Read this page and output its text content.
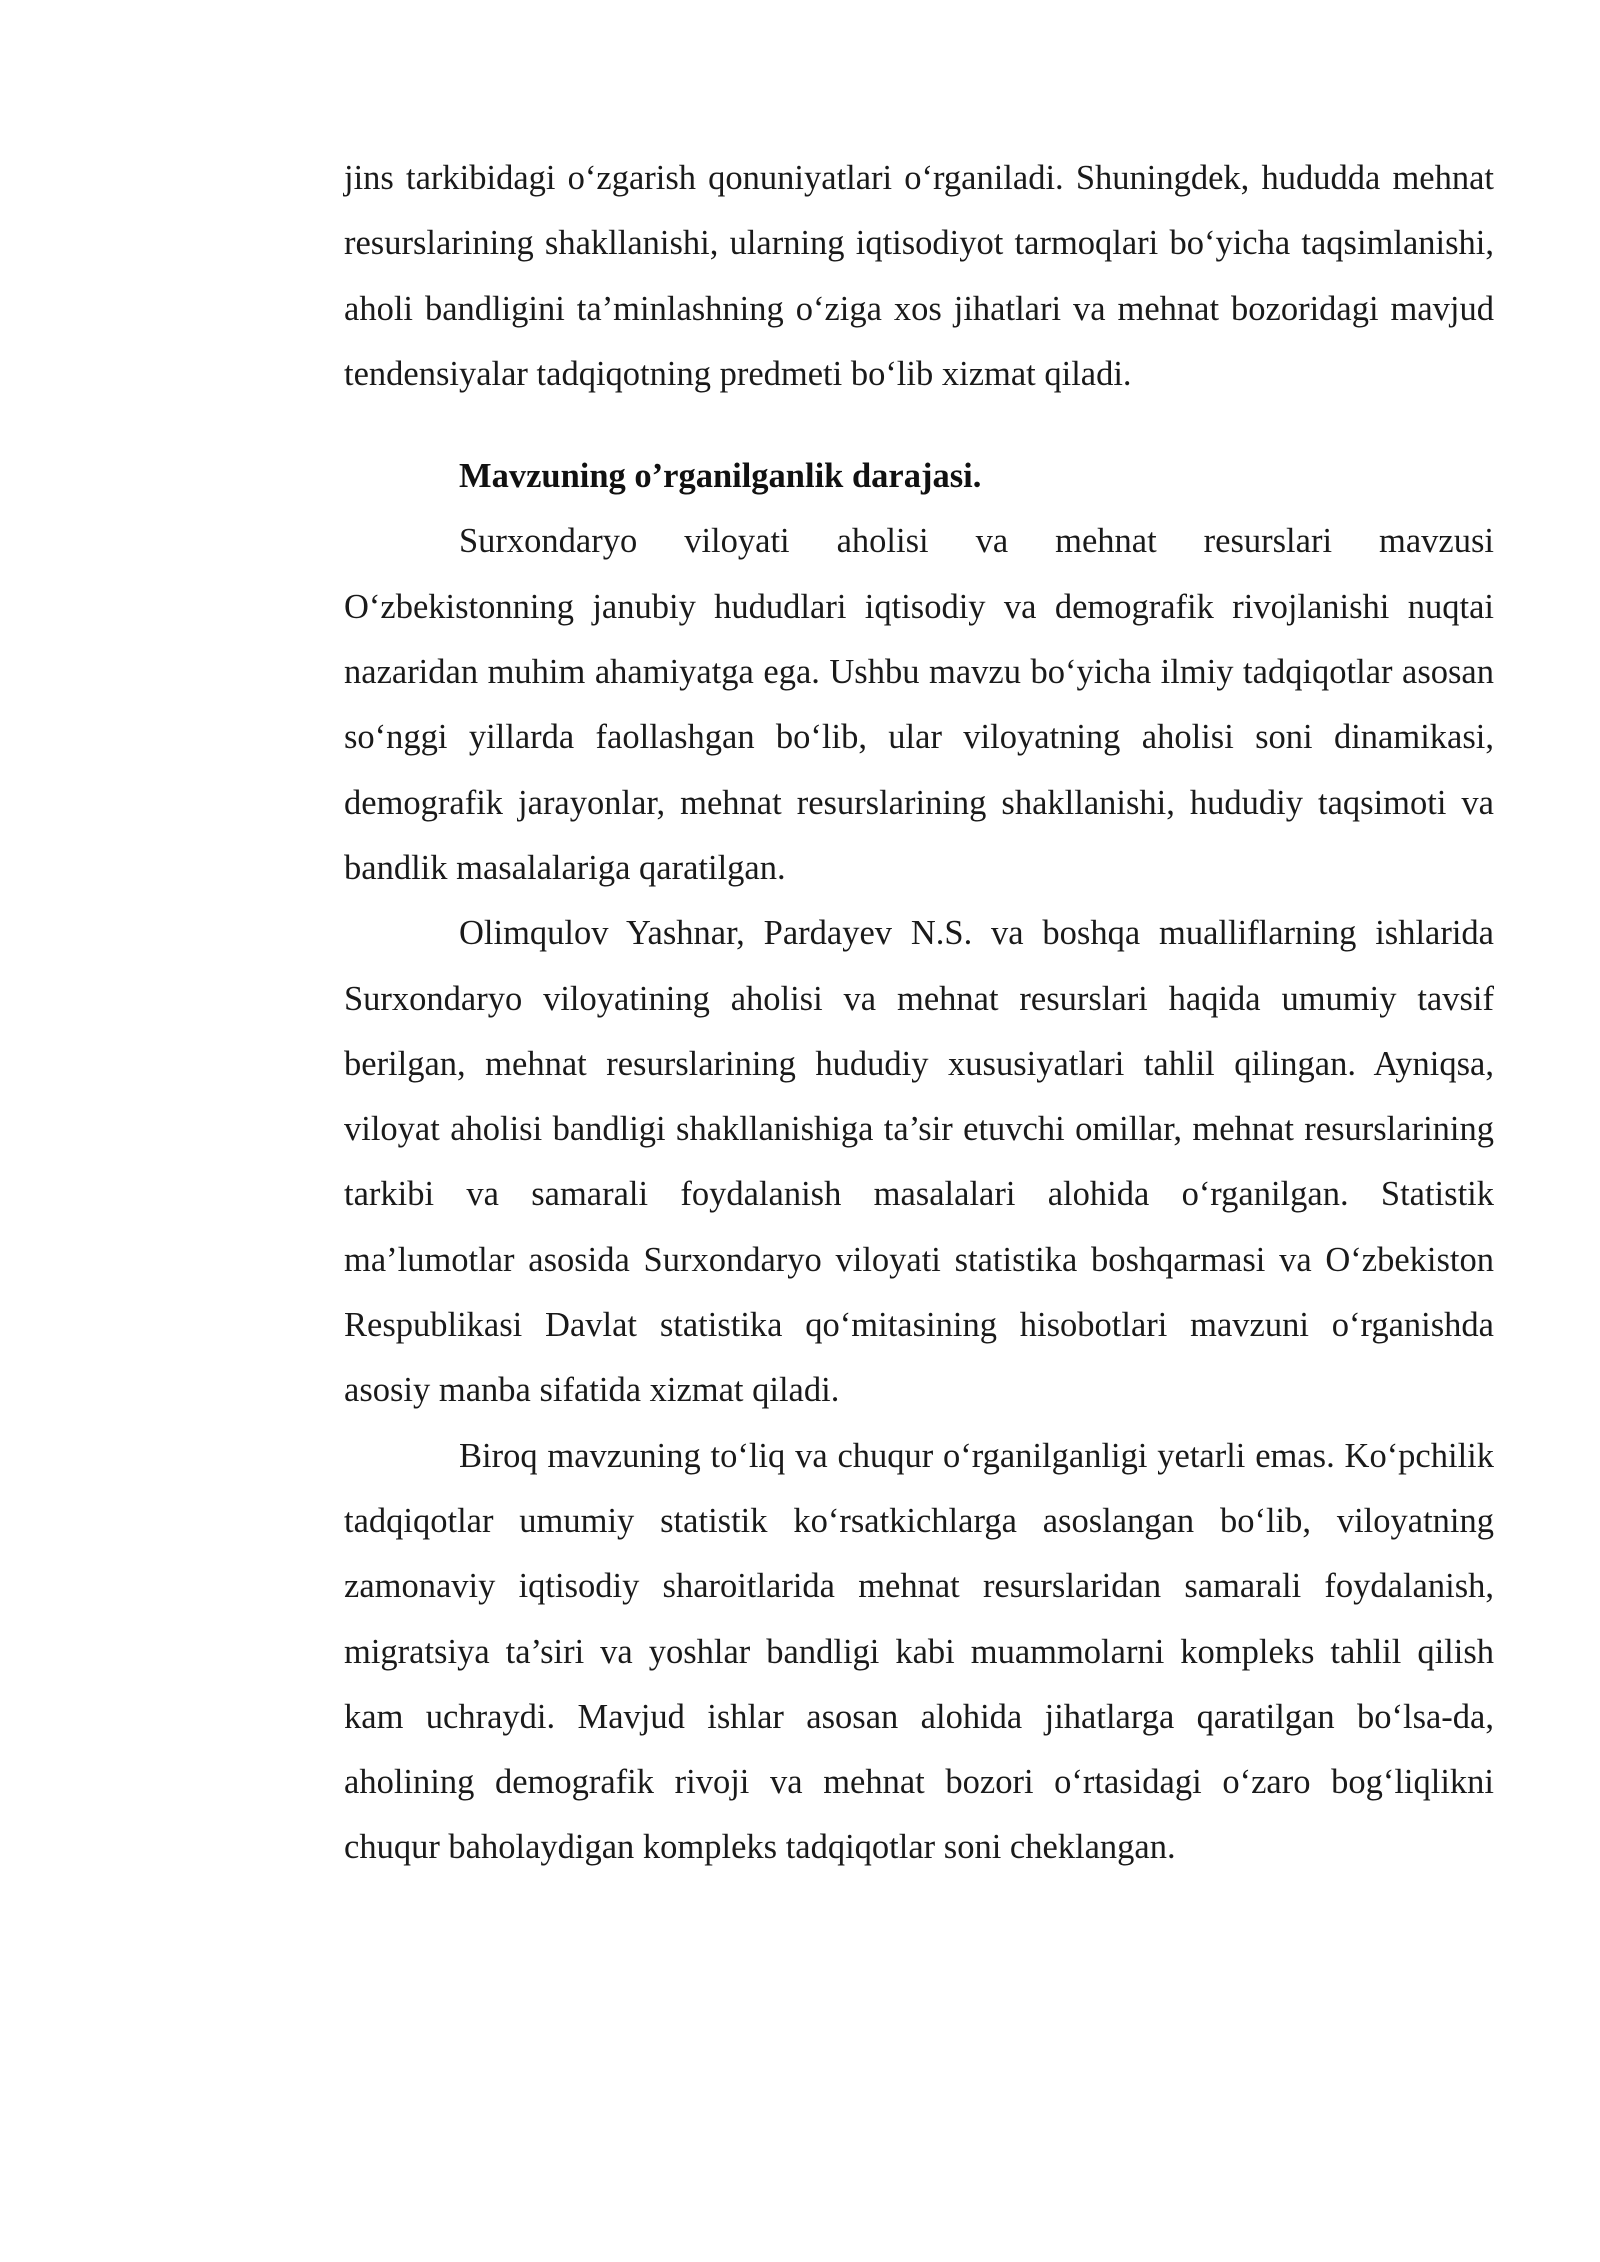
jins tarkibidagi o‘zgarish qonuniyatlari o‘rganiladi. Shuningdek, hududda mehnat resurslarining shakllanishi, ularning iqtisodiyot tarmoqlari bo‘yicha taqsimlanishi, aholi bandligini ta’minlashning o‘ziga xos jihatlari va mehnat bozoridagi mavjud tendensiyalar tadqiqotning predmeti bo‘lib xizmat qiladi.

Mavzuning o’rganilganlik darajasi.

Surxondaryo viloyati aholisi va mehnat resurslari mavzusi O‘zbekistonning janubiy hududlari iqtisodiy va demografik rivojlanishi nuqtai nazaridan muhim ahamiyatga ega. Ushbu mavzu bo‘yicha ilmiy tadqiqotlar asosan so‘nggi yillarda faollashgan bo‘lib, ular viloyatning aholisi soni dinamikasi, demografik jarayonlar, mehnat resurslarining shakllanishi, hududiy taqsimoti va bandlik masalalariga qaratilgan.

Olimqulov Yashnar, Pardayev N.S. va boshqa mualliflarning ishlarida Surxondaryo viloyatining aholisi va mehnat resurslari haqida umumiy tavsif berilgan, mehnat resurslarining hududiy xususiyatlari tahlil qilingan. Ayniqsa, viloyat aholisi bandligi shakllanishiga ta’sir etuvchi omillar, mehnat resurslarining tarkibi va samarali foydalanish masalalari alohida o‘rganilgan. Statistik ma’lumotlar asosida Surxondaryo viloyati statistika boshqarmasi va O‘zbekiston Respublikasi Davlat statistika qo‘mitasining hisobotlari mavzuni o‘rganishda asosiy manba sifatida xizmat qiladi.

Biroq mavzuning to‘liq va chuqur o‘rganilganligi yetarli emas. Ko‘pchilik tadqiqotlar umumiy statistik ko‘rsatkichlarga asoslangan bo‘lib, viloyatning zamonaviy iqtisodiy sharoitlarida mehnat resurslaridan samarali foydalanish, migratsiya ta’siri va yoshlar bandligi kabi muammolarni kompleks tahlil qilish kam uchraydi. Mavjud ishlar asosan alohida jihatlarga qaratilgan bo‘lsa-da, aholining demografik rivoji va mehnat bozori o‘rtasidagi o‘zaro bog‘liqlikni chuqur baholaydigan kompleks tadqiqotlar soni cheklangan.
